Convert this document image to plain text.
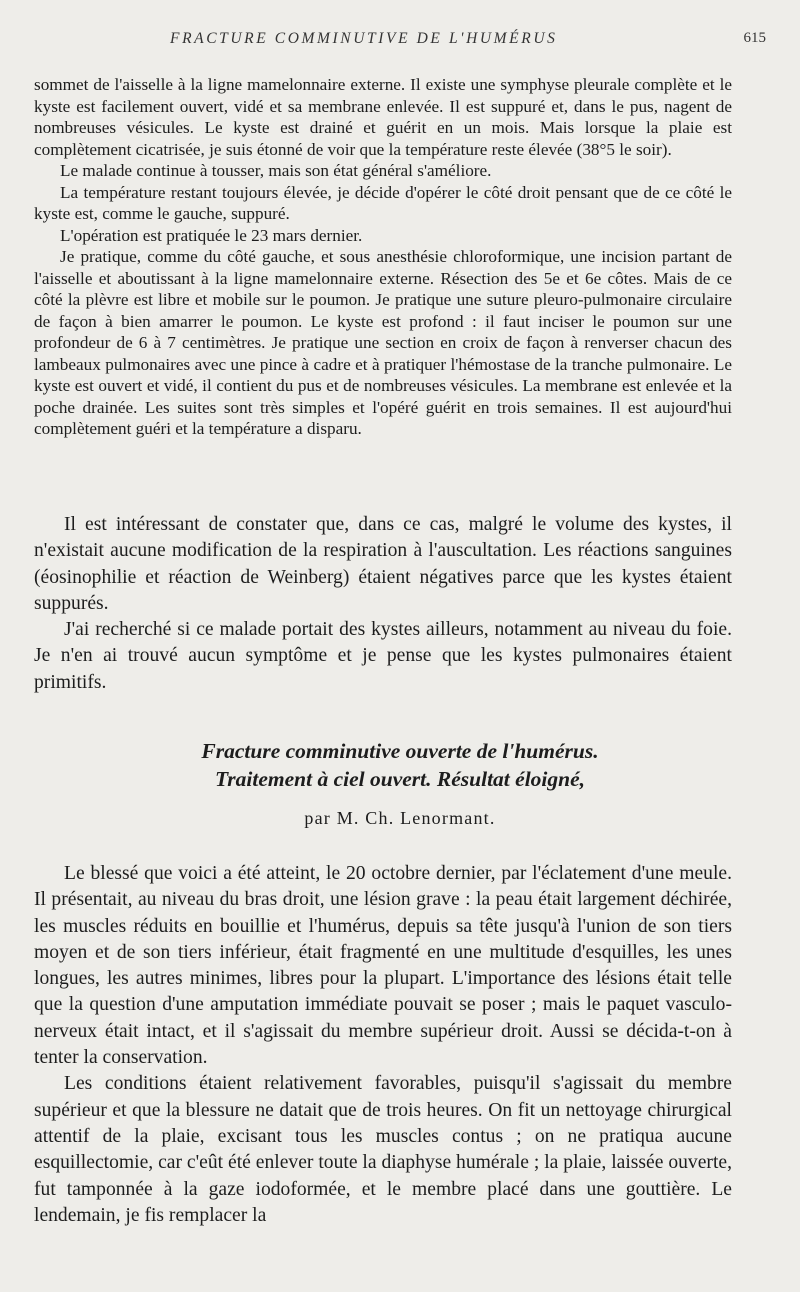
FRACTURE COMMINUTIVE DE L'HUMÉRUS	615

sommet de l'aisselle à la ligne mamelonnaire externe. Il existe une symphyse pleurale complète et le kyste est facilement ouvert, vidé et sa membrane enlevée. Il est suppuré et, dans le pus, nagent de nombreuses vésicules. Le kyste est drainé et guérit en un mois. Mais lorsque la plaie est complètement cicatrisée, je suis étonné de voir que la température reste élevée (38°5 le soir).

Le malade continue à tousser, mais son état général s'améliore.

La température restant toujours élevée, je décide d'opérer le côté droit pensant que de ce côté le kyste est, comme le gauche, suppuré.

L'opération est pratiquée le 23 mars dernier.

Je pratique, comme du côté gauche, et sous anesthésie chloroformique, une incision partant de l'aisselle et aboutissant à la ligne mamelonnaire externe. Résection des 5e et 6e côtes. Mais de ce côté la plèvre est libre et mobile sur le poumon. Je pratique une suture pleuro-pulmonaire circulaire de façon à bien amarrer le poumon. Le kyste est profond : il faut inciser le poumon sur une profondeur de 6 à 7 centimètres. Je pratique une section en croix de façon à renverser chacun des lambeaux pulmonaires avec une pince à cadre et à pratiquer l'hémostase de la tranche pulmonaire. Le kyste est ouvert et vidé, il contient du pus et de nombreuses vésicules. La membrane est enlevée et la poche drainée. Les suites sont très simples et l'opéré guérit en trois semaines. Il est aujourd'hui complètement guéri et la température a disparu.

Il est intéressant de constater que, dans ce cas, malgré le volume des kystes, il n'existait aucune modification de la respiration à l'auscultation. Les réactions sanguines (éosinophilie et réaction de Weinberg) étaient négatives parce que les kystes étaient suppurés.

J'ai recherché si ce malade portait des kystes ailleurs, notamment au niveau du foie. Je n'en ai trouvé aucun symptôme et je pense que les kystes pulmonaires étaient primitifs.

Fracture comminutive ouverte de l'humérus.
Traitement à ciel ouvert. Résultat éloigné,
par M. Ch. Lenormant.

Le blessé que voici a été atteint, le 20 octobre dernier, par l'éclatement d'une meule. Il présentait, au niveau du bras droit, une lésion grave : la peau était largement déchirée, les muscles réduits en bouillie et l'humérus, depuis sa tête jusqu'à l'union de son tiers moyen et de son tiers inférieur, était fragmenté en une multitude d'esquilles, les unes longues, les autres minimes, libres pour la plupart. L'importance des lésions était telle que la question d'une amputation immédiate pouvait se poser ; mais le paquet vasculo-nerveux était intact, et il s'agissait du membre supérieur droit. Aussi se décida-t-on à tenter la conservation.

Les conditions étaient relativement favorables, puisqu'il s'agissait du membre supérieur et que la blessure ne datait que de trois heures. On fit un nettoyage chirurgical attentif de la plaie, excisant tous les muscles contus ; on ne pratiqua aucune esquillectomie, car c'eût été enlever toute la diaphyse humérale ; la plaie, laissée ouverte, fut tamponnée à la gaze iodoformée, et le membre placé dans une gouttière. Le lendemain, je fis remplacer la
